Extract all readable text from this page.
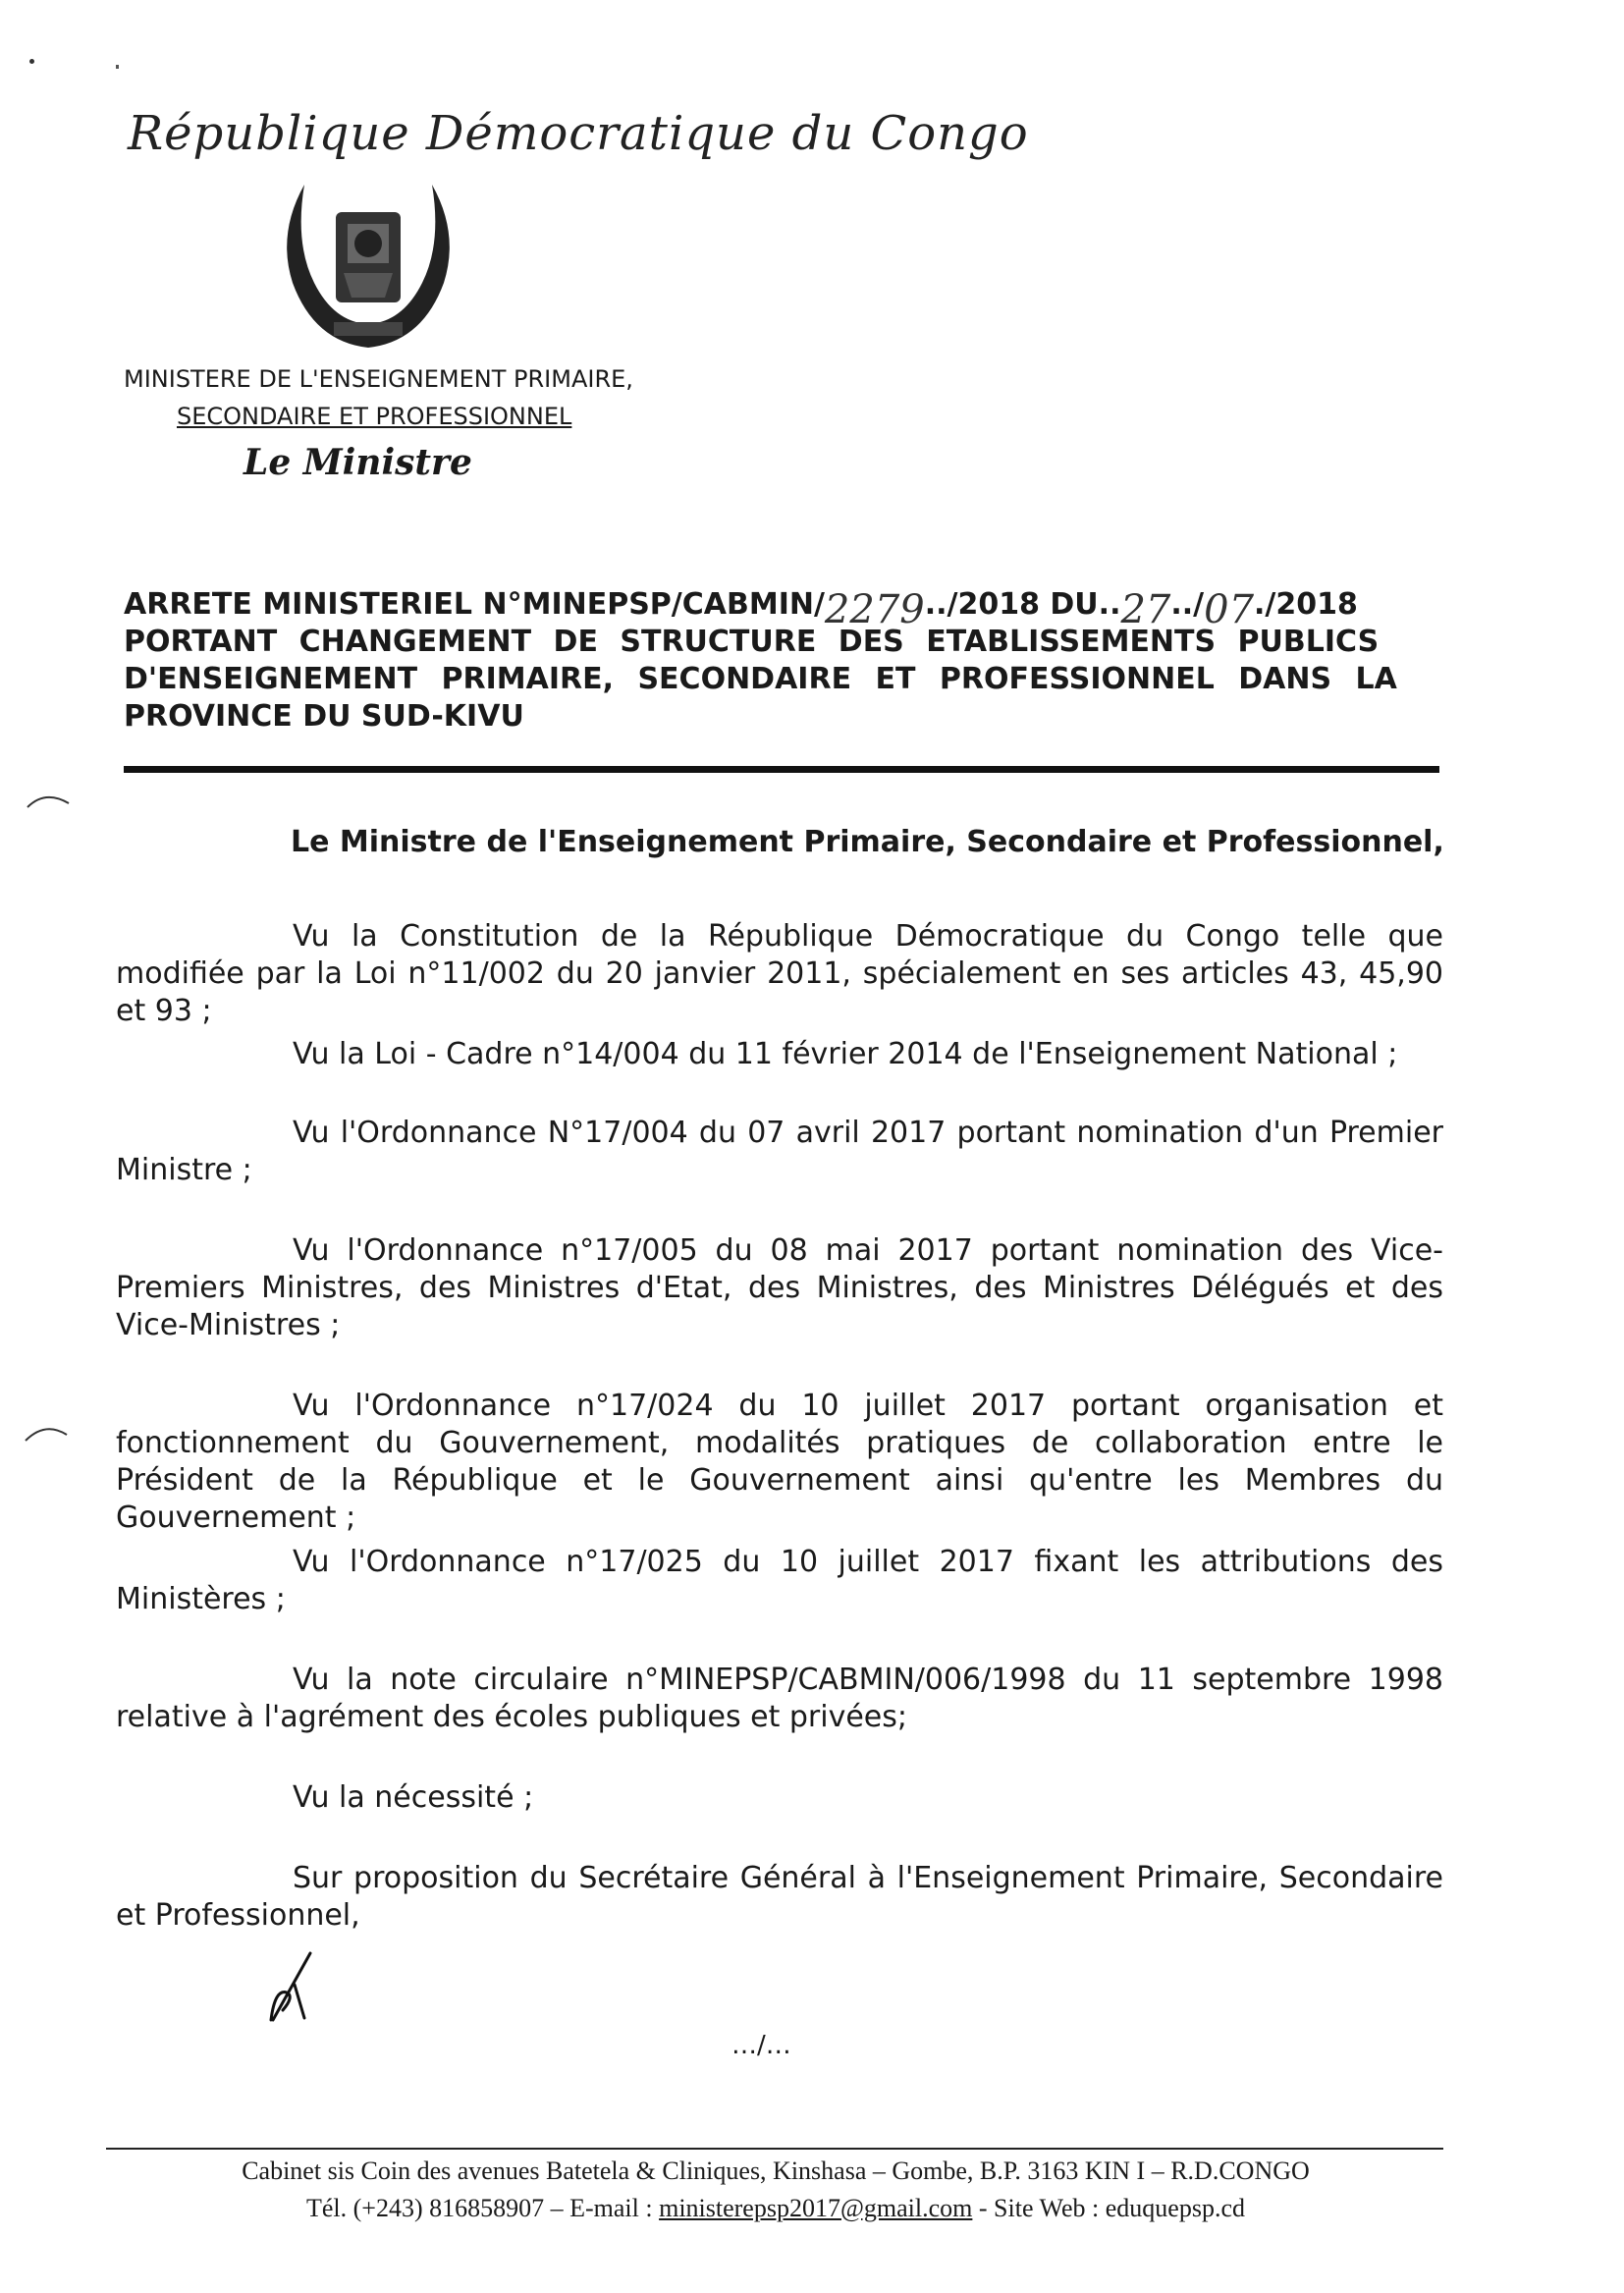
République Démocratique du Congo
MINISTERE DE L'ENSEIGNEMENT PRIMAIRE,
SECONDAIRE ET PROFESSIONNEL
Le Ministre
ARRETE MINISTERIEL N°MINEPSP/CABMIN/ 2279 ../2018 DU.. 27 ../ 07 ./2018
PORTANT CHANGEMENT DE STRUCTURE DES ETABLISSEMENTS PUBLICS
D'ENSEIGNEMENT PRIMAIRE, SECONDAIRE ET PROFESSIONNEL DANS LA
PROVINCE DU SUD-KIVU
Le Ministre de l'Enseignement Primaire, Secondaire et Professionnel,
Vu la Constitution de la République Démocratique du Congo telle que modifiée par la Loi n°11/002 du 20 janvier 2011, spécialement en ses articles 43, 45,90 et 93 ;
Vu la Loi - Cadre n°14/004 du 11 février 2014 de l'Enseignement National ;
Vu l'Ordonnance N°17/004 du 07 avril 2017 portant nomination d'un Premier Ministre ;
Vu l'Ordonnance n°17/005 du 08 mai 2017 portant nomination des Vice-Premiers Ministres, des Ministres d'Etat, des Ministres, des Ministres Délégués et des Vice-Ministres ;
Vu l'Ordonnance n°17/024 du 10 juillet 2017 portant organisation et fonctionnement du Gouvernement, modalités pratiques de collaboration entre le Président de la République et le Gouvernement ainsi qu'entre les Membres du Gouvernement ;
Vu l'Ordonnance n°17/025 du 10 juillet 2017 fixant les attributions des Ministères ;
Vu la note circulaire n°MINEPSP/CABMIN/006/1998 du 11 septembre 1998 relative à l'agrément des écoles publiques et privées;
Vu la nécessité ;
Sur proposition du Secrétaire Général à l'Enseignement Primaire, Secondaire et Professionnel,
…/…
Cabinet sis Coin des avenues Batetela & Cliniques, Kinshasa – Gombe, B.P. 3163 KIN I – R.D.CONGO
Tél. (+243) 816858907 – E-mail : ministerepsp2017@gmail.com - Site Web : eduquepsp.cd
